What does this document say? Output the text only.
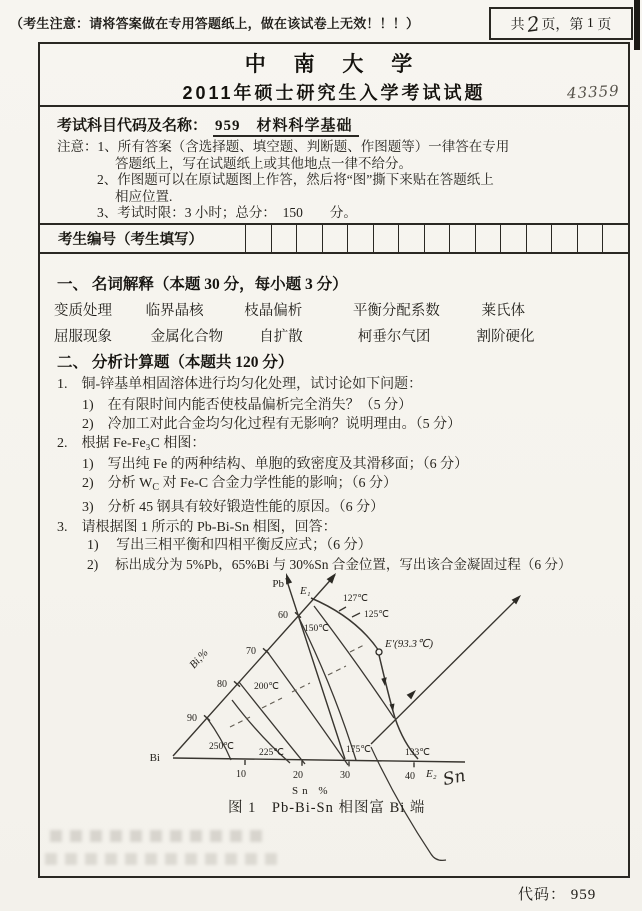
（考生注意：请将答案做在专用答题纸上，做在该试卷上无效！！！）	共 2 页，第
1
页
中 南 大 学
2011年硕士研究生入学考试试题	43359
考试科目代码及名称： 959　材料科学基础
注意：1、所有答案（含选择题、填空题、判断题、作图题等）一律答在专用
答题纸上，写在试题纸上或其他地点一律不给分。
2、作图题可以在原试题图上作答，然后将“图”撕下来贴在答题纸上
相应位置.
3、考试时限：3 小时；总分：　150　　分。
考生编号（考生填写）
一、 名词解释（本题 30 分，每小题 3 分）
变质处理 临界晶核	枝晶偏析	平衡分配系数	莱氏体
屈服现象	金属化合物 自扩散	柯垂尔气团	割阶硬化
二、 分析计算题（本题共 120 分）
1.　铜-锌基单相固溶体进行均匀化处理，试讨论如下问题：
1)　在有限时间内能否使枝晶偏析完全消失？（5 分）
2)　冷加工对此合金均匀化过程有无影响？说明理由。（5 分）
2.　根据 Fe-Fe₃C 相图：
1)　写出纯 Fe 的两种结构、单胞的致密度及其滑移面；（6 分）
2)　分析 $W_C$ 对 Fe-C 合金力学性能的影响；（6 分）
3)　分析 45 钢具有较好锻造性能的原因。（6 分）
3.　请根据图 1 所示的 Pb-Bi-Sn 相图，回答：
1)　 写出三相平衡和四相平衡反应式；（6 分）
2)　 标出成分为 5%Pb，65%Bi 与 30%Sn 合金位置，写出该合金凝固过程（6 分）
60
70
80
90
10	20	30	40
250℃
225℃
200℃
175℃
150℃
127℃
125℃
133℃
Pb
E₁
Bi
E₂
E′(93.3℃)
Bi,%
Sn %
图 1　Pb-Bi-Sn 相图富 Bi 端
Sn
代码： 959
